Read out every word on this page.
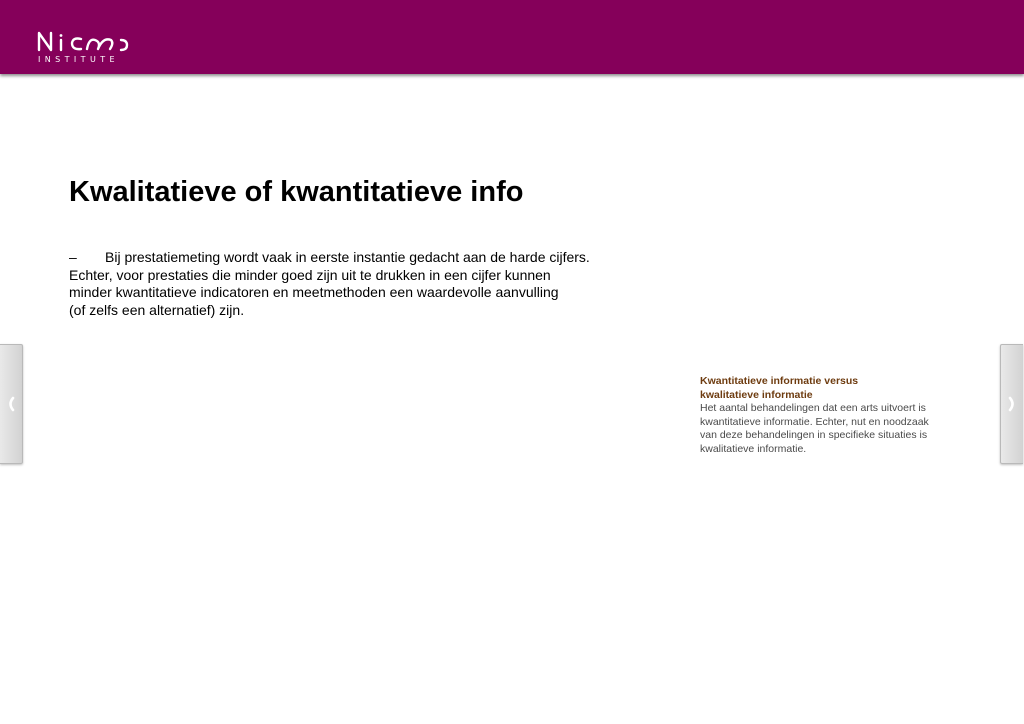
INSTITUTE
Kwalitatieve of kwantitatieve info
– Bij prestatiemeting wordt vaak in eerste instantie gedacht aan de harde cijfers.
Echter, voor prestaties die minder goed zijn uit te drukken in een cijfer kunnen
minder kwantitatieve indicatoren en meetmethoden een waardevolle aanvulling
(of zelfs een alternatief) zijn.
Kwantitatieve informatie versus
kwalitatieve informatie
Het aantal behandelingen dat een arts uitvoert is
kwantitatieve informatie. Echter, nut en noodzaak
van deze behandelingen in specifieke situaties is
kwalitatieve informatie.
